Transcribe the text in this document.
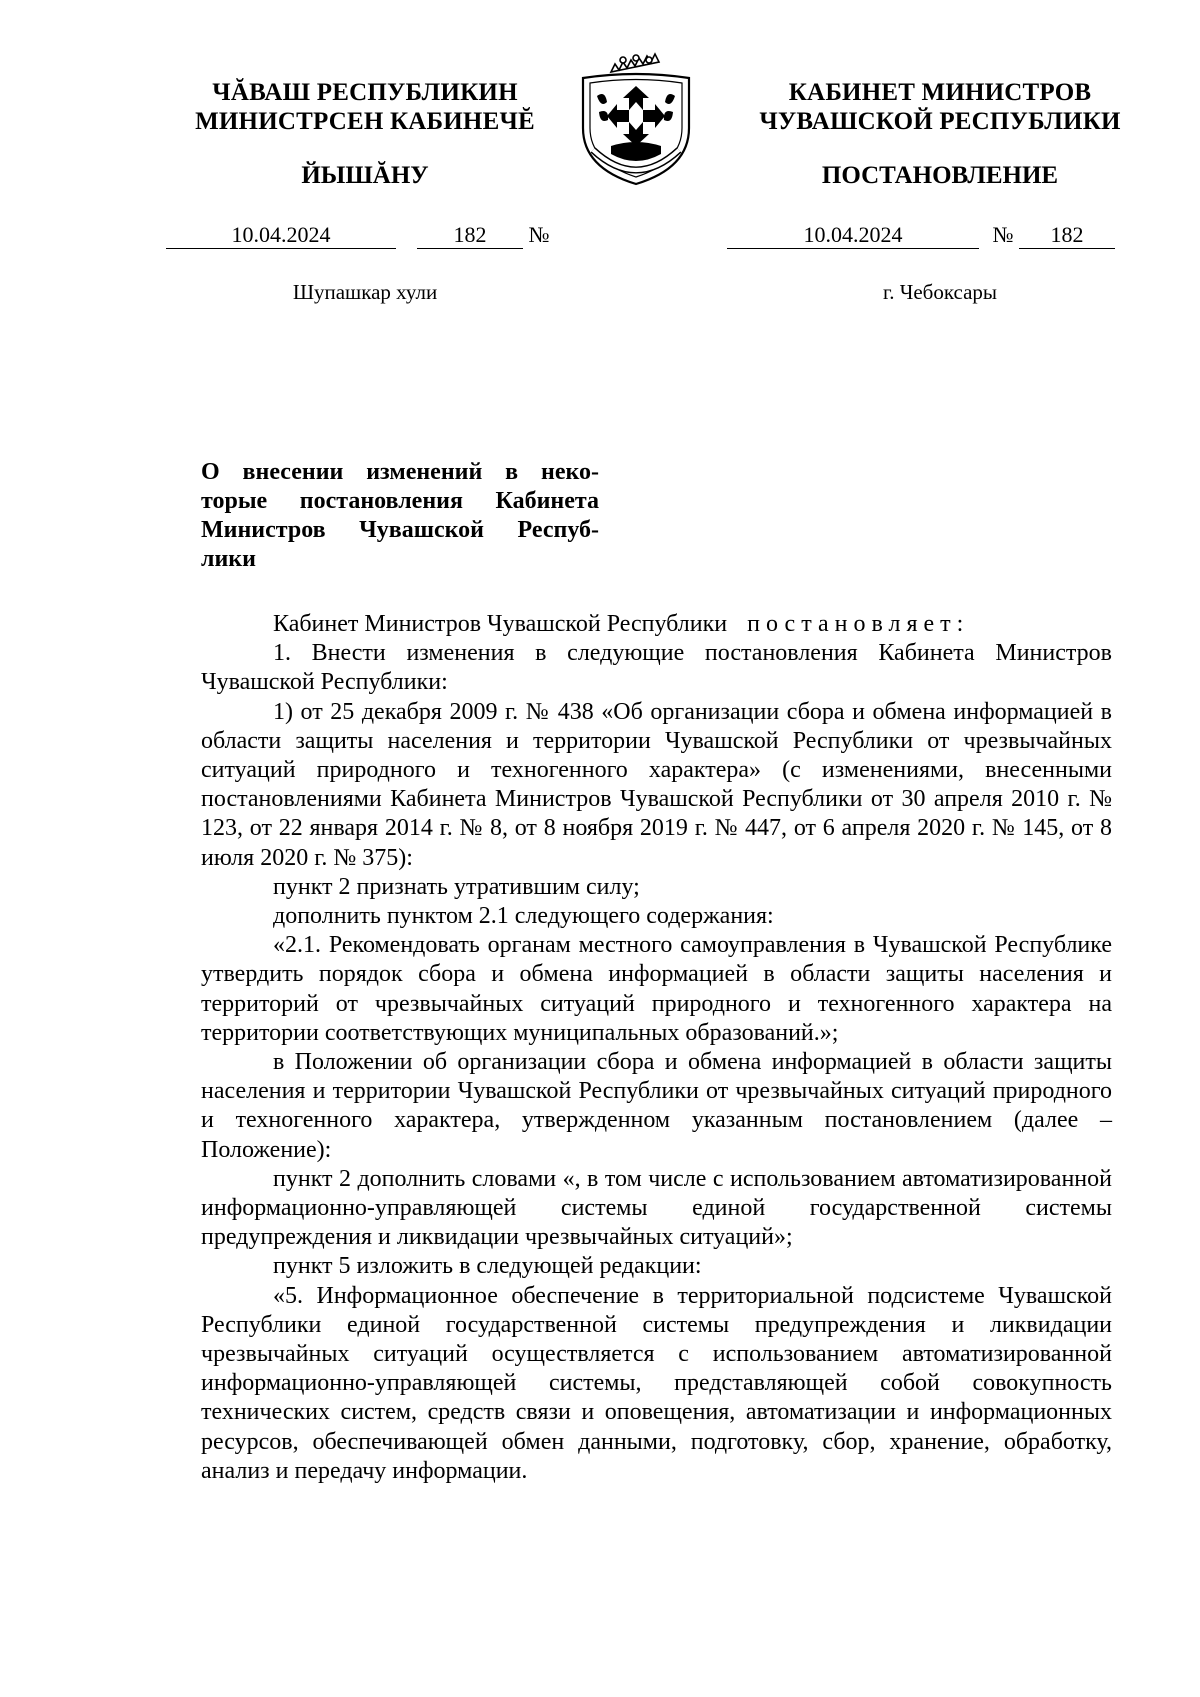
ЧĂВАШ РЕСПУБЛИКИН
МИНИСТРСЕН КАБИНЕЧĔ
ЙЫШĂНУ
КАБИНЕТ МИНИСТРОВ
ЧУВАШСКОЙ РЕСПУБЛИКИ
ПОСТАНОВЛЕНИЕ
10.04.2024	182 №	10.04.2024	№ 182
Шупашкар хули	г. Чебоксары
О внесении изменений в неко-
торые постановления Кабинета
Министров Чувашской Респуб-
лики

Кабинет Министров Чувашской Республики постановляет:

1. Внести изменения в следующие постановления Кабинета Министров Чувашской Республики:

1) от 25 декабря 2009 г. № 438 «Об организации сбора и обмена информацией в области защиты населения и территории Чувашской Республики от чрезвычайных ситуаций природного и техногенного характера» (с изменениями, внесенными постановлениями Кабинета Министров Чувашской Республики от 30 апреля 2010 г. № 123, от 22 января 2014 г. № 8, от 8 ноября 2019 г. № 447, от 6 апреля 2020 г. № 145, от 8 июля 2020 г. № 375):

пункт 2 признать утратившим силу;

дополнить пунктом 2.1 следующего содержания:

«2.1. Рекомендовать органам местного самоуправления в Чувашской Республике утвердить порядок сбора и обмена информацией в области защиты населения и территорий от чрезвычайных ситуаций природного и техногенного характера на территории соответствующих муниципальных образований.»;

в Положении об организации сбора и обмена информацией в области защиты населения и территории Чувашской Республики от чрезвычайных ситуаций природного и техногенного характера, утвержденном указанным постановлением (далее – Положение):

пункт 2 дополнить словами «, в том числе с использованием автоматизированной информационно-управляющей системы единой государственной системы предупреждения и ликвидации чрезвычайных ситуаций»;

пункт 5 изложить в следующей редакции:

«5. Информационное обеспечение в территориальной подсистеме Чувашской Республики единой государственной системы предупреждения и ликвидации чрезвычайных ситуаций осуществляется с использованием автоматизированной информационно-управляющей системы, представляющей собой совокупность технических систем, средств связи и оповещения, автоматизации и информационных ресурсов, обеспечивающей обмен данными, подготовку, сбор, хранение, обработку, анализ и передачу информации.
